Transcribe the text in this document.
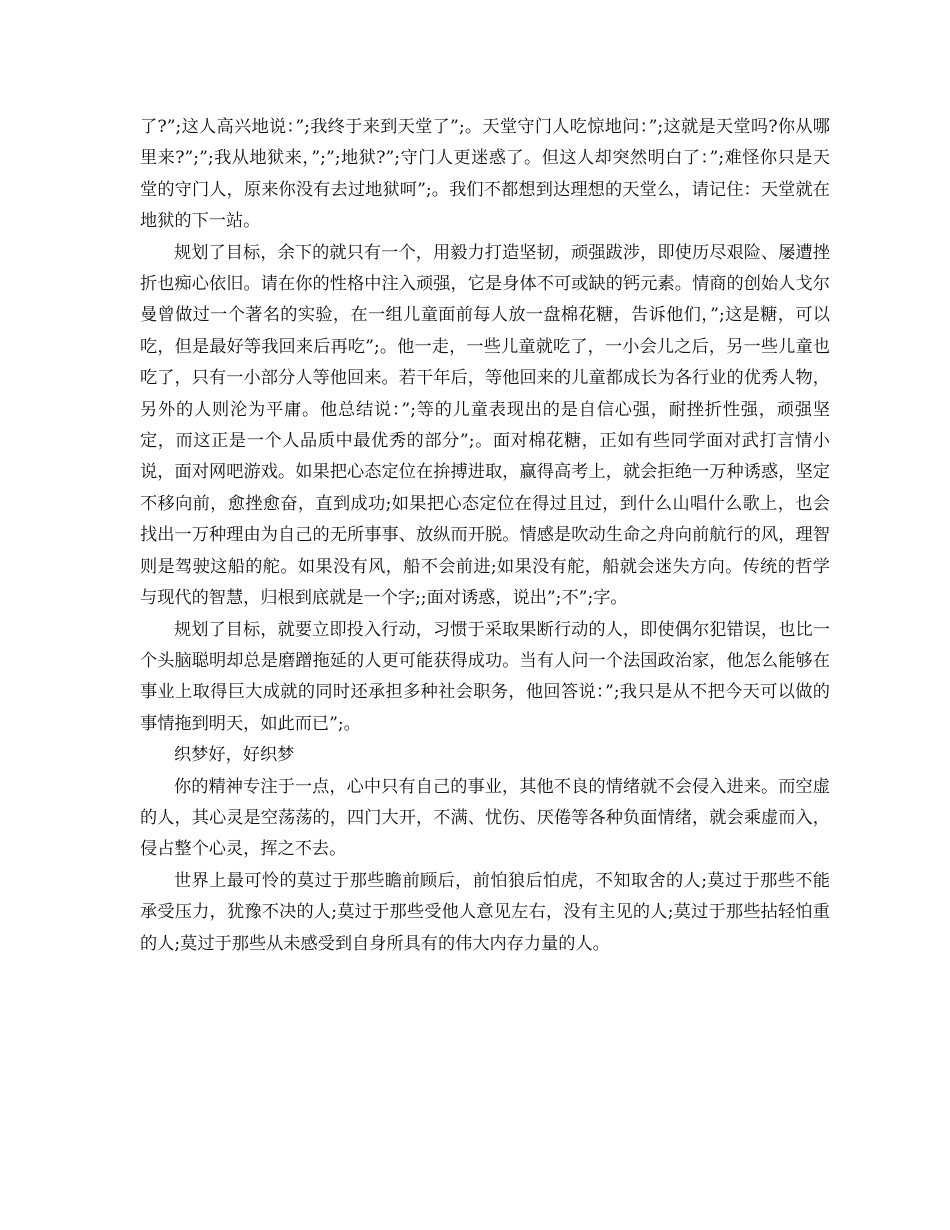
了?”;这人高兴地说：”;我终于来到天堂了”;。天堂守门人吃惊地问：”;这就是天堂吗?你从哪里来?”;”;我从地狱来，”;”;地狱?”;守门人更迷惑了。但这人却突然明白了：”;难怪你只是天堂的守门人，原来你没有去过地狱呵”;。我们不都想到达理想的天堂么，请记住：天堂就在地狱的下一站。

规划了目标，余下的就只有一个，用毅力打造坚韧，顽强跋涉，即使历尽艰险、屡遭挫折也痴心依旧。请在你的性格中注入顽强，它是身体不可或缺的钙元素。情商的创始人戈尔曼曾做过一个著名的实验，在一组儿童面前每人放一盘棉花糖，告诉他们，”;这是糖，可以吃，但是最好等我回来后再吃”;。他一走，一些儿童就吃了，一小会儿之后，另一些儿童也吃了，只有一小部分人等他回来。若干年后，等他回来的儿童都成长为各行业的优秀人物，另外的人则沦为平庸。他总结说：”;等的儿童表现出的是自信心强，耐挫折性强，顽强坚定，而这正是一个人品质中最优秀的部分”;。面对棉花糖，正如有些同学面对武打言情小说，面对网吧游戏。如果把心态定位在拚搏进取，赢得高考上，就会拒绝一万种诱惑，坚定不移向前，愈挫愈奋，直到成功;如果把心态定位在得过且过，到什么山唱什么歌上，也会找出一万种理由为自己的无所事事、放纵而开脱。情感是吹动生命之舟向前航行的风，理智则是驾驶这船的舵。如果没有风，船不会前进;如果没有舵，船就会迷失方向。传统的哲学与现代的智慧，归根到底就是一个字;;面对诱惑，说出”;不”;字。

规划了目标，就要立即投入行动，习惯于采取果断行动的人，即使偶尔犯错误，也比一个头脑聪明却总是磨蹭拖延的人更可能获得成功。当有人问一个法国政治家，他怎么能够在事业上取得巨大成就的同时还承担多种社会职务，他回答说：”;我只是从不把今天可以做的事情拖到明天，如此而已”;。

织梦好，好织梦

你的精神专注于一点，心中只有自己的事业，其他不良的情绪就不会侵入进来。而空虚的人，其心灵是空荡荡的，四门大开，不满、忧伤、厌倦等各种负面情绪，就会乘虚而入，侵占整个心灵，挥之不去。

世界上最可怜的莫过于那些瞻前顾后，前怕狼后怕虎，不知取舍的人;莫过于那些不能承受压力，犹豫不决的人;莫过于那些受他人意见左右，没有主见的人;莫过于那些拈轻怕重的人;莫过于那些从未感受到自身所具有的伟大内存力量的人。
